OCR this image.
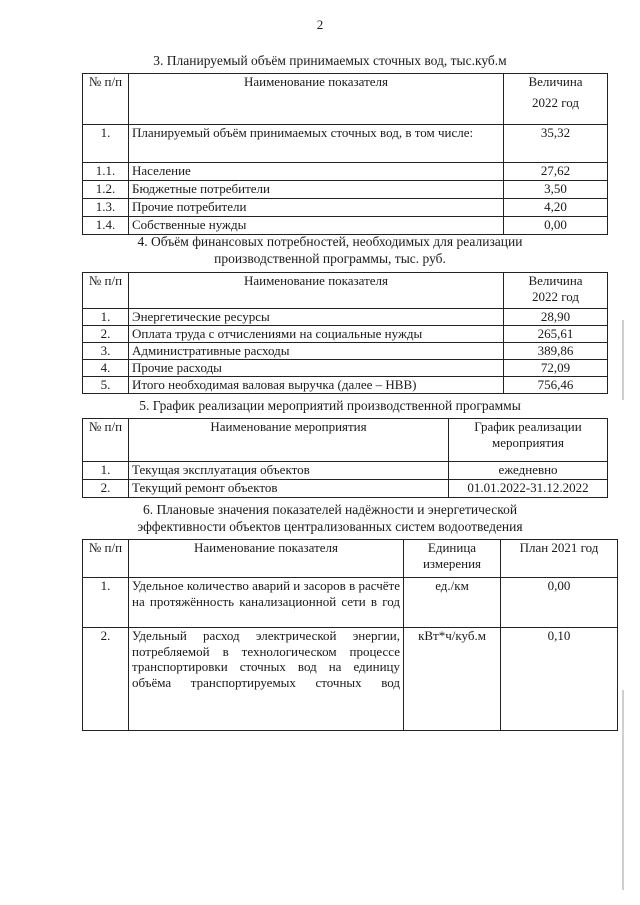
2
3. Планируемый объём принимаемых сточных вод, тыс.куб.м
№ п/п	Наименование показателя	Величина
2022 год

1.	Планируемый объём принимаемых сточных вод, в том числе:	35,32
1.1.	Население	27,62
1.2.	Бюджетные потребители	3,50
1.3.	Прочие потребители	4,20
1.4.	Собственные нужды	0,00
4. Объём финансовых потребностей, необходимых для реализации
производственной программы, тыс. руб.
№ п/п	Наименование показателя	Величина
2022 год

1.	Энергетические ресурсы	28,90
2.	Оплата труда с отчислениями на социальные нужды	265,61
3.	Административные расходы	389,86
4.	Прочие расходы	72,09
5.	Итого необходимая валовая выручка (далее – НВВ)	756,46
5. График реализации мероприятий производственной программы
№ п/п	Наименование мероприятия	График реализации
мероприятия

1.	Текущая эксплуатация объектов	ежедневно
2.	Текущий ремонт объектов	01.01.2022-31.12.2022
6. Плановые значения показателей надёжности и энергетической
эффективности объектов централизованных систем водоотведения
№ п/п	Наименование показателя	Единица измерения	План 2021 год
1.	Удельное количество аварий и засоров в расчёте на протяжённость канализационной сети в год	ед./км	0,00
2.	Удельный расход электрической энергии, потребляемой в технологическом процессе транспортировки сточных вод на единицу объёма транспортируемых сточных вод	кВт*ч/куб.м	0,10
